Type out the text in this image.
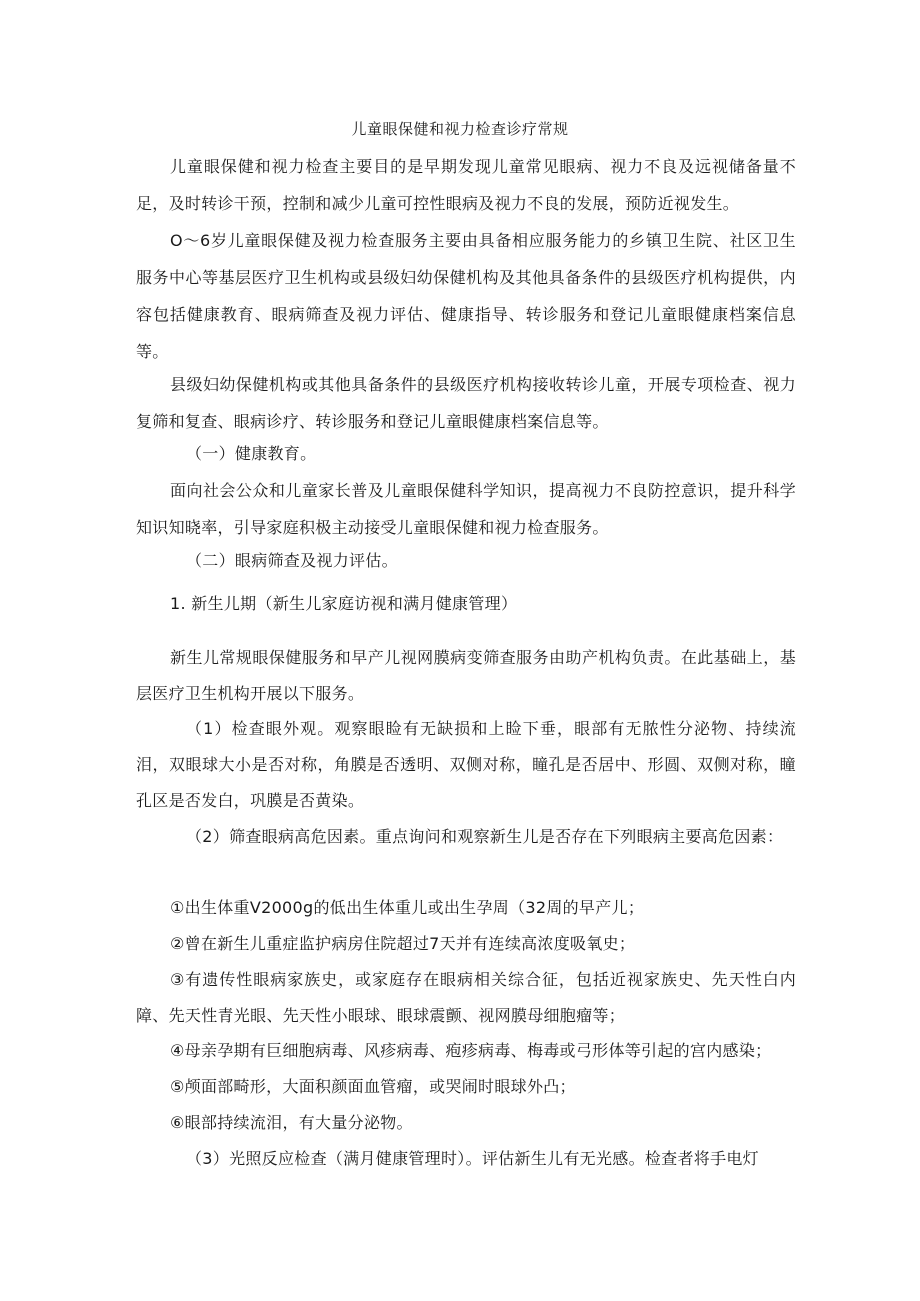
儿童眼保健和视力检查诊疗常规

儿童眼保健和视力检查主要目的是早期发现儿童常见眼病、视力不良及远视储备量不足，及时转诊干预，控制和减少儿童可控性眼病及视力不良的发展，预防近视发生。

O～6岁儿童眼保健及视力检查服务主要由具备相应服务能力的乡镇卫生院、社区卫生服务中心等基层医疗卫生机构或县级妇幼保健机构及其他具备条件的县级医疗机构提供，内容包括健康教育、眼病筛查及视力评估、健康指导、转诊服务和登记儿童眼健康档案信息等。

县级妇幼保健机构或其他具备条件的县级医疗机构接收转诊儿童，开展专项检查、视力复筛和复查、眼病诊疗、转诊服务和登记儿童眼健康档案信息等。

（一）健康教育。

面向社会公众和儿童家长普及儿童眼保健科学知识，提高视力不良防控意识，提升科学知识知晓率，引导家庭积极主动接受儿童眼保健和视力检查服务。

（二）眼病筛查及视力评估。

1. 新生儿期（新生儿家庭访视和满月健康管理）

新生儿常规眼保健服务和早产儿视网膜病变筛查服务由助产机构负责。在此基础上，基层医疗卫生机构开展以下服务。

（1）检查眼外观。观察眼睑有无缺损和上睑下垂，眼部有无脓性分泌物、持续流泪，双眼球大小是否对称，角膜是否透明、双侧对称，瞳孔是否居中、形圆、双侧对称，瞳孔区是否发白，巩膜是否黄染。

（2）筛查眼病高危因素。重点询问和观察新生儿是否存在下列眼病主要高危因素：

①出生体重V2000g的低出生体重儿或出生孕周（32周的早产儿；

②曾在新生儿重症监护病房住院超过7天并有连续高浓度吸氧史；

③有遗传性眼病家族史，或家庭存在眼病相关综合征，包括近视家族史、先天性白内障、先天性青光眼、先天性小眼球、眼球震颤、视网膜母细胞瘤等；

④母亲孕期有巨细胞病毒、风疹病毒、疱疹病毒、梅毒或弓形体等引起的宫内感染；

⑤颅面部畸形，大面积颜面血管瘤，或哭闹时眼球外凸；

⑥眼部持续流泪，有大量分泌物。

（3）光照反应检查（满月健康管理时）。评估新生儿有无光感。检查者将手电灯
